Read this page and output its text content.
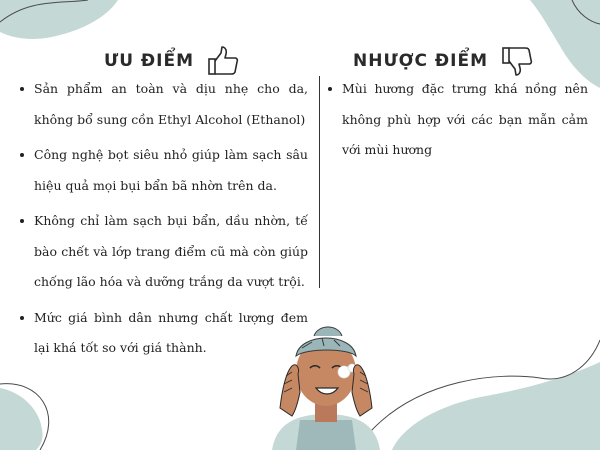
ƯU ĐIỂM	NHƯỢC ĐIỂM
Sản phẩm an toàn và dịu nhẹ cho da, không bổ sung cồn Ethyl Alcohol (Ethanol)
Công nghệ bọt siêu nhỏ giúp làm sạch sâu hiệu quả mọi bụi bẩn bã nhờn trên da.
Không chỉ làm sạch bụi bẩn, dầu nhờn, tế bào chết và lớp trang điểm cũ mà còn giúp chống lão hóa và dưỡng trắng da vượt trội.
Mức giá bình dân nhưng chất lượng đem lại khá tốt so với giá thành.
Mùi hương đặc trưng khá nồng nên không phù hợp với các bạn mẫn cảm với mùi hương
